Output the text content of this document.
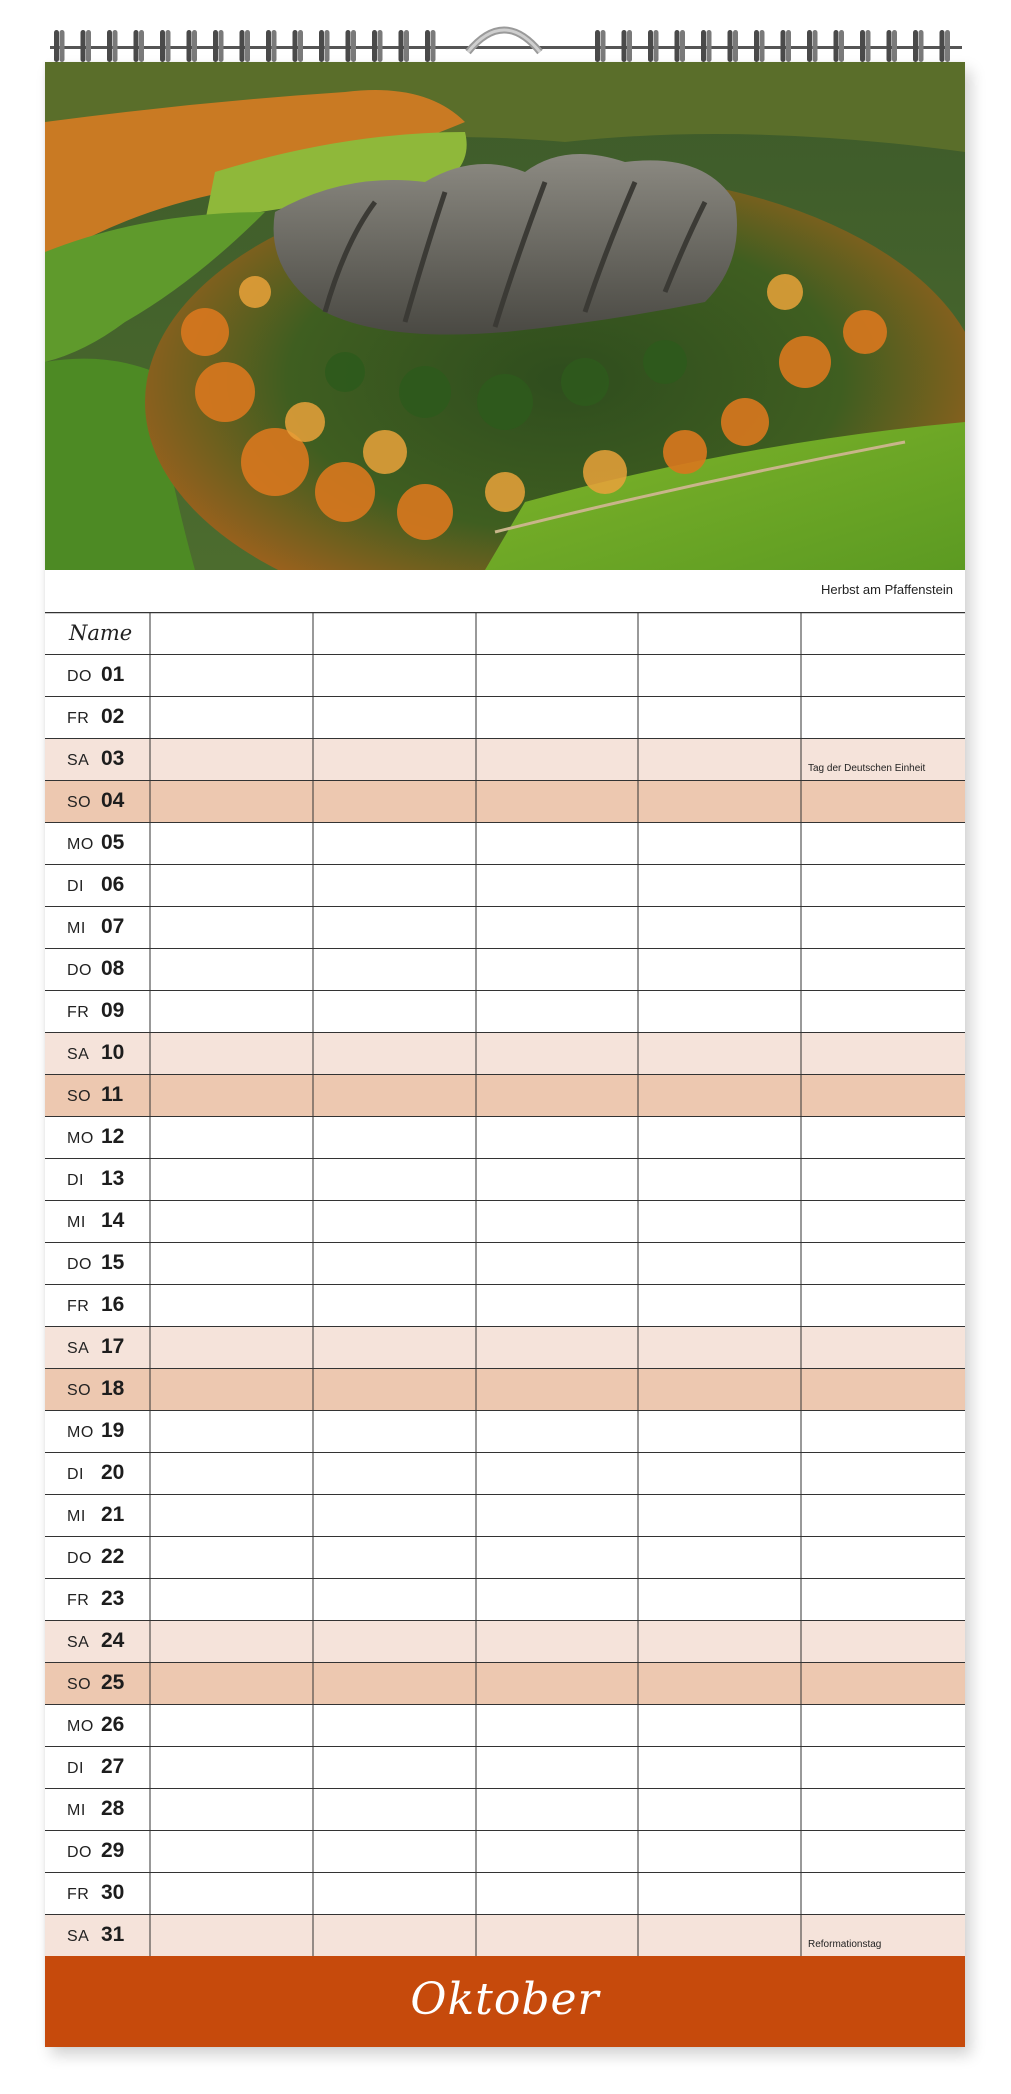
Herbst am Pfaffenstein
Name
DO 01
FR 02
SA 03	Tag der Deutschen Einheit
SO 04
MO 05
DI 06
MI 07
DO 08
FR 09
SA 10
SO 11
MO 12
DI 13
MI 14
DO 15
FR 16
SA 17
SO 18
MO 19
DI 20
MI 21
DO 22
FR 23
SA 24
SO 25
MO 26
DI 27
MI 28
DO 29
FR 30
SA 31	Reformationstag
Oktober
